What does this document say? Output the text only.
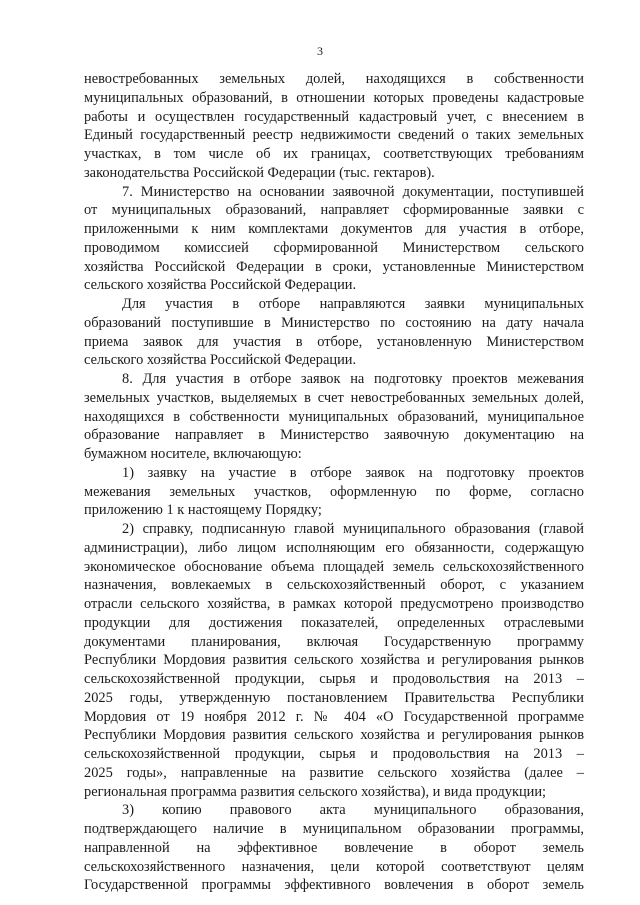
3
невостребованных земельных долей, находящихся в собственности
муниципальных образований, в отношении которых проведены кадастровые
работы и осуществлен государственный кадастровый учет, с внесением в
Единый государственный реестр недвижимости сведений о таких земельных
участках, в том числе об их границах, соответствующих требованиям
законодательства Российской Федерации (тыс. гектаров).
7. Министерство на основании заявочной документации, поступившей
от муниципальных образований, направляет сформированные заявки с
приложенными к ним комплектами документов для участия в отборе,
проводимом комиссией сформированной Министерством сельского
хозяйства Российской Федерации в сроки, установленные Министерством
сельского хозяйства Российской Федерации.
Для участия в отборе направляются заявки муниципальных
образований поступившие в Министерство по состоянию на дату начала
приема заявок для участия в отборе, установленную Министерством
сельского хозяйства Российской Федерации.
8. Для участия в отборе заявок на подготовку проектов межевания
земельных участков, выделяемых в счет невостребованных земельных долей,
находящихся в собственности муниципальных образований, муниципальное
образование направляет в Министерство заявочную документацию на
бумажном носителе, включающую:
1) заявку на участие в отборе заявок на подготовку проектов
межевания земельных участков, оформленную по форме, согласно
приложению 1 к настоящему Порядку;
2) справку, подписанную главой муниципального образования (главой
администрации), либо лицом исполняющим его обязанности, содержащую
экономическое обоснование объема площадей земель сельскохозяйственного
назначения, вовлекаемых в сельскохозяйственный оборот, с указанием
отрасли сельского хозяйства, в рамках которой предусмотрено производство
продукции для достижения показателей, определенных отраслевыми
документами планирования, включая Государственную программу
Республики Мордовия развития сельского хозяйства и регулирования рынков
сельскохозяйственной продукции, сырья и продовольствия на 2013 –
2025 годы, утвержденную постановлением Правительства Республики
Мордовия от 19 ноября 2012 г. № 404 «О Государственной программе
Республики Мордовия развития сельского хозяйства и регулирования рынков
сельскохозяйственной продукции, сырья и продовольствия на 2013 –
2025 годы», направленные на развитие сельского хозяйства (далее –
региональная программа развития сельского хозяйства), и вида продукции;
3) копию правового акта муниципального образования,
подтверждающего наличие в муниципальном образовании программы,
направленной на эффективное вовлечение в оборот земель
сельскохозяйственного назначения, цели которой соответствуют целям
Государственной программы эффективного вовлечения в оборот земель
